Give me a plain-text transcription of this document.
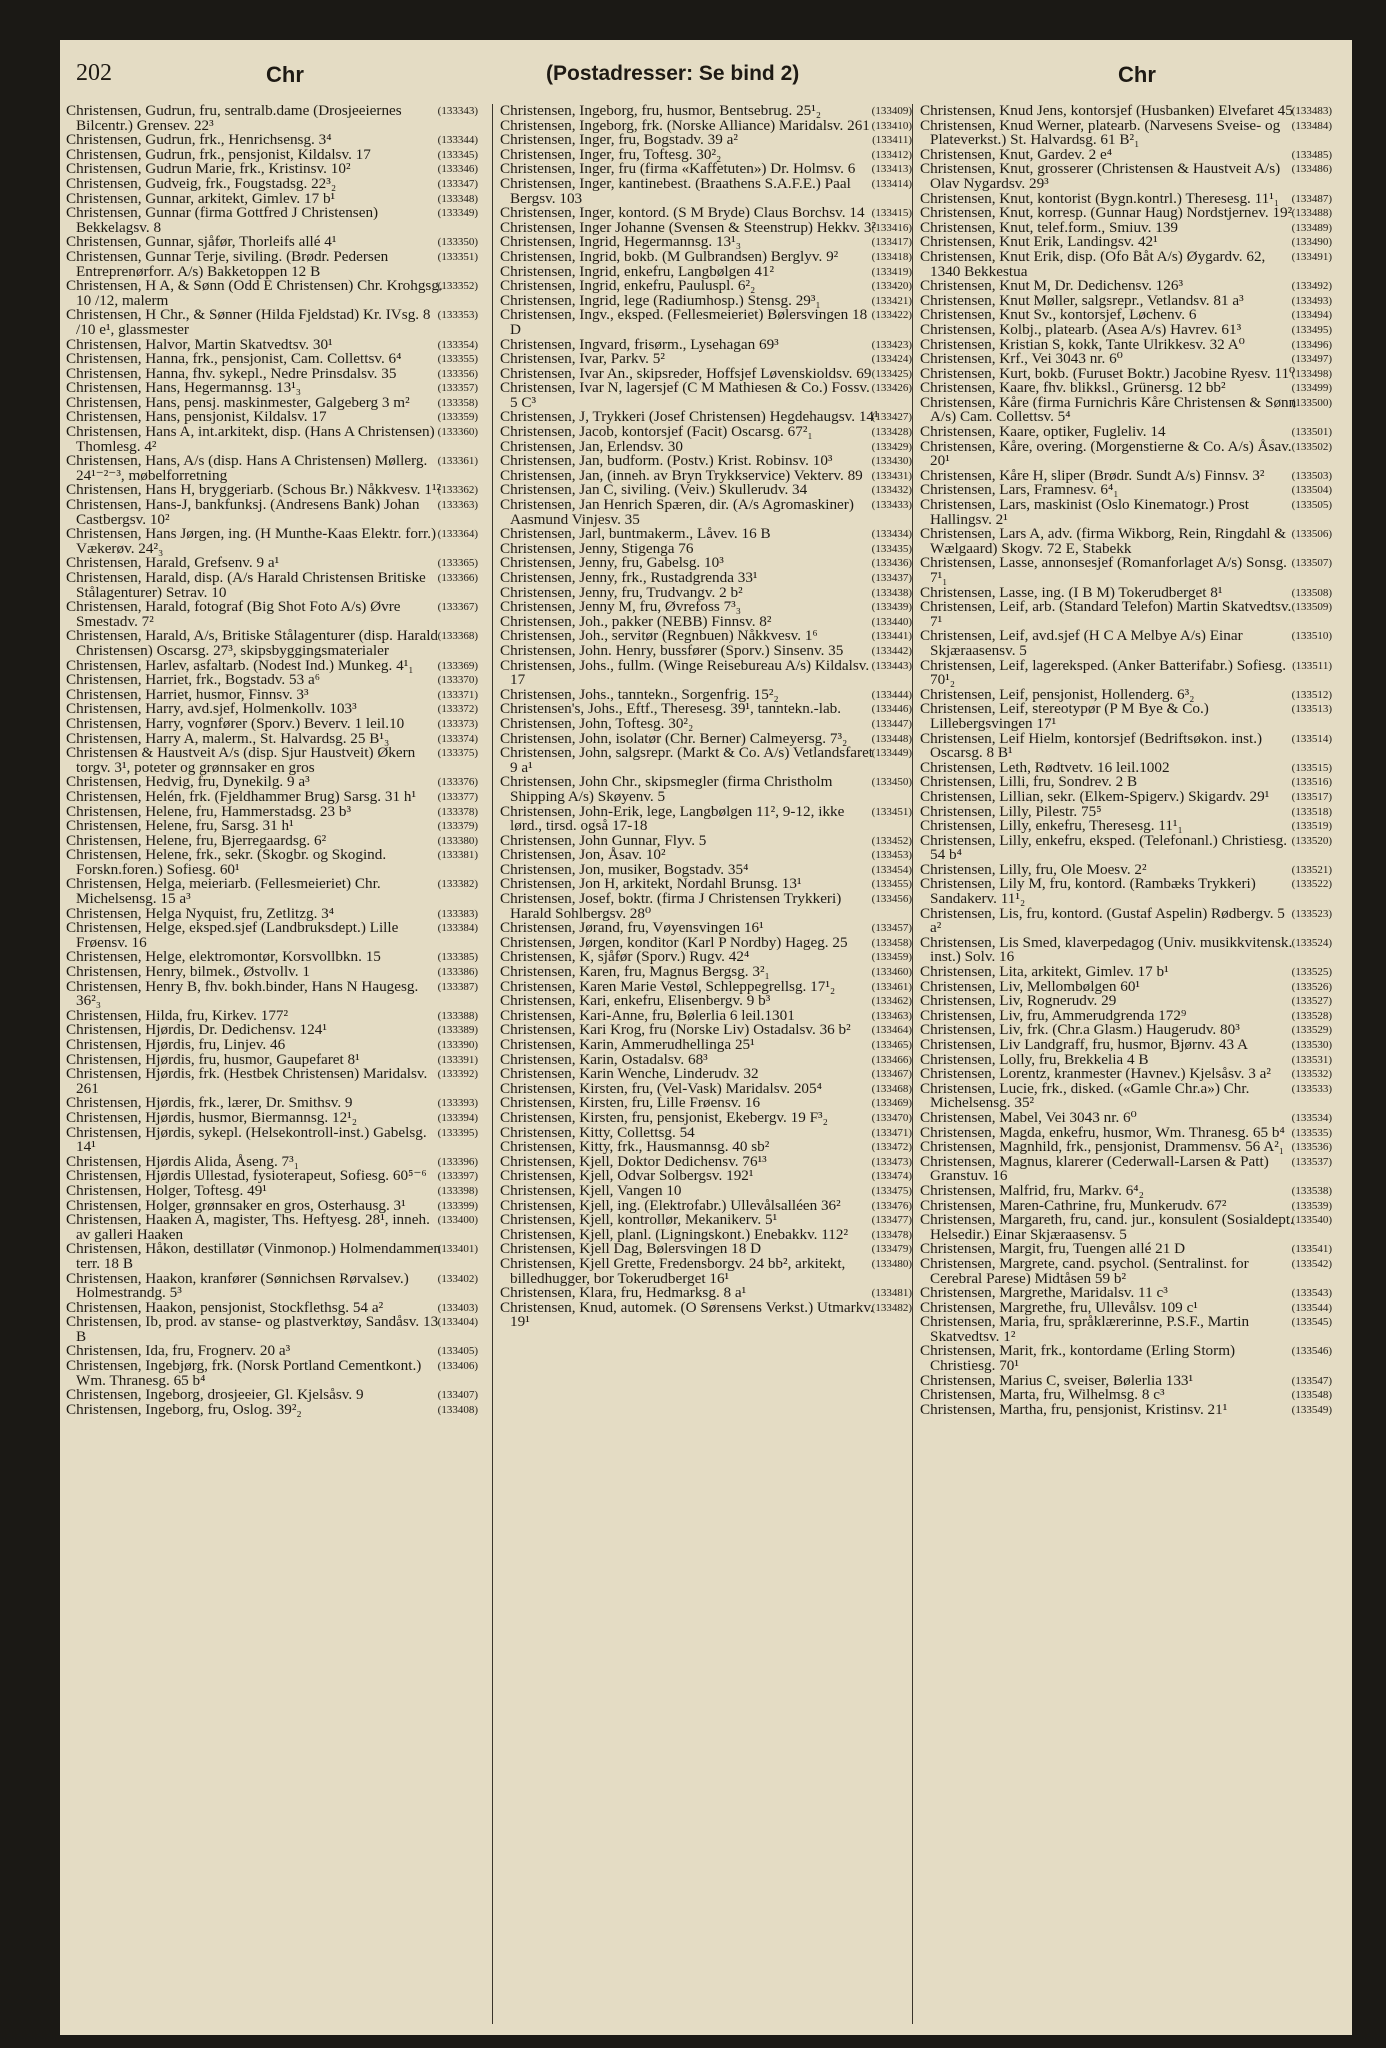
202	Chr	(Postadresser: Se bind 2)	Chr

(133343)
Christensen, Gudrun, fru, sentralb.dame (Drosjeeiernes Bilcentr.) Grensev. 22³

(133344)
Christensen, Gudrun, frk., Henrichsensg. 3⁴

(133345)
Christensen, Gudrun, frk., pensjonist, Kildalsv. 17

(133346)
Christensen, Gudrun Marie, frk., Kristinsv. 10²

(133347)
Christensen, Gudveig, frk., Fougstadsg. 22³₂

(133348)
Christensen, Gunnar, arkitekt, Gimlev. 17 b¹

(133349)
Christensen, Gunnar (firma Gottfred J Christensen) Bekkelagsv. 8

(133350)
Christensen, Gunnar, sjåfør, Thorleifs allé 4¹

(133351)
Christensen, Gunnar Terje, siviling. (Brødr. Pedersen Entreprenørforr. A/s) Bakketoppen 12 B

(133352)
Christensen, H A, & Sønn (Odd E Christensen) Chr. Krohgsg. 10 /12, malerm

(133353)
Christensen, H Chr., & Sønner (Hilda Fjeldstad) Kr. IVsg. 8 /10 e¹, glassmester

(133354)
Christensen, Halvor, Martin Skatvedtsv. 30¹

(133355)
Christensen, Hanna, frk., pensjonist, Cam. Collettsv. 6⁴

(133356)
Christensen, Hanna, fhv. sykepl., Nedre Prinsdalsv. 35

(133357)
Christensen, Hans, Hegermannsg. 13¹₃

(133358)
Christensen, Hans, pensj. maskinmester, Galgeberg 3 m²

(133359)
Christensen, Hans, pensjonist, Kildalsv. 17

(133360)
Christensen, Hans A, int.arkitekt, disp. (Hans A Christensen) Thomlesg. 4²

(133361)
Christensen, Hans, A/s (disp. Hans A Christensen) Møllerg. 24¹⁻²⁻³, møbelforretning

(133362)
Christensen, Hans H, bryggeriarb. (Schous Br.) Nåkkvesv. 1¹²

(133363)
Christensen, Hans-J, bankfunksj. (Andresens Bank) Johan Castbergsv. 10²

(133364)
Christensen, Hans Jørgen, ing. (H Munthe-Kaas Elektr. forr.) Vækerøv. 24²₃

(133365)
Christensen, Harald, Grefsenv. 9 a¹

(133366)
Christensen, Harald, disp. (A/s Harald Christensen Britiske Stålagenturer) Setrav. 10

(133367)
Christensen, Harald, fotograf (Big Shot Foto A/s) Øvre Smestadv. 7²

(133368)
Christensen, Harald, A/s, Britiske Stålagenturer (disp. Harald Christensen) Oscarsg. 27³, skipsbyggingsmaterialer

(133369)
Christensen, Harlev, asfaltarb. (Nodest Ind.) Munkeg. 4¹₁

(133370)
Christensen, Harriet, frk., Bogstadv. 53 a⁶

(133371)
Christensen, Harriet, husmor, Finnsv. 3³

(133372)
Christensen, Harry, avd.sjef, Holmenkollv. 103³

(133373)
Christensen, Harry, vognfører (Sporv.) Beverv. 1 leil.10

(133374)
Christensen, Harry A, malerm., St. Halvardsg. 25 B¹₃

(133375)
Christensen & Haustveit A/s (disp. Sjur Haustveit) Økern torgv. 3¹, poteter og grønnsaker en gros

(133376)
Christensen, Hedvig, fru, Dynekilg. 9 a³

(133377)
Christensen, Helén, frk. (Fjeldhammer Brug) Sarsg. 31 h¹

(133378)
Christensen, Helene, fru, Hammerstadsg. 23 b³

(133379)
Christensen, Helene, fru, Sarsg. 31 h¹

(133380)
Christensen, Helene, fru, Bjerregaardsg. 6²

(133381)
Christensen, Helene, frk., sekr. (Skogbr. og Skogind. Forskn.foren.) Sofiesg. 60¹

(133382)
Christensen, Helga, meieriarb. (Fellesmeieriet) Chr. Michelsensg. 15 a³

(133383)
Christensen, Helga Nyquist, fru, Zetlitzg. 3⁴

(133384)
Christensen, Helge, eksped.sjef (Landbruksdept.) Lille Frøensv. 16

(133385)
Christensen, Helge, elektromontør, Korsvollbkn. 15

(133386)
Christensen, Henry, bilmek., Østvollv. 1

(133387)
Christensen, Henry B, fhv. bokh.binder, Hans N Haugesg. 36²₃

(133388)
Christensen, Hilda, fru, Kirkev. 177²

(133389)
Christensen, Hjørdis, Dr. Dedichensv. 124¹

(133390)
Christensen, Hjørdis, fru, Linjev. 46

(133391)
Christensen, Hjørdis, fru, husmor, Gaupefaret 8¹

(133392)
Christensen, Hjørdis, frk. (Hestbek Christensen) Maridalsv. 261

(133393)
Christensen, Hjørdis, frk., lærer, Dr. Smithsv. 9

(133394)
Christensen, Hjørdis, husmor, Biermannsg. 12¹₂

(133395)
Christensen, Hjørdis, sykepl. (Helsekontroll-inst.) Gabelsg. 14¹

(133396)
Christensen, Hjørdis Alida, Åseng. 7³₁

(133397)
Christensen, Hjørdis Ullestad, fysioterapeut, Sofiesg. 60⁵⁻⁶

(133398)
Christensen, Holger, Toftesg. 49¹

(133399)
Christensen, Holger, grønnsaker en gros, Osterhausg. 3¹

(133400)
Christensen, Haaken A, magister, Ths. Heftyesg. 28¹, inneh. av galleri Haaken

(133401)
Christensen, Håkon, destillatør (Vinmonop.) Holmendammen terr. 18 B

(133402)
Christensen, Haakon, kranfører (Sønnichsen Rørvalsev.) Holmestrandg. 5³

(133403)
Christensen, Haakon, pensjonist, Stockflethsg. 54 a²

(133404)
Christensen, Ib, prod. av stanse- og plastverktøy, Sandåsv. 13 B

(133405)
Christensen, Ida, fru, Frognerv. 20 a³

(133406)
Christensen, Ingebjørg, frk. (Norsk Portland Cementkont.) Wm. Thranesg. 65 b⁴

(133407)
Christensen, Ingeborg, drosjeeier, Gl. Kjelsåsv. 9

(133408)
Christensen, Ingeborg, fru, Oslog. 39²₂

(133409)
Christensen, Ingeborg, fru, husmor, Bentsebrug. 25¹₂

(133410)
Christensen, Ingeborg, frk. (Norske Alliance) Maridalsv. 261

(133411)
Christensen, Inger, fru, Bogstadv. 39 a²

(133412)
Christensen, Inger, fru, Toftesg. 30²₂

(133413)
Christensen, Inger, fru (firma «Kaffetuten») Dr. Holmsv. 6

(133414)
Christensen, Inger, kantinebest. (Braathens S.A.F.E.) Paal Bergsv. 103

(133415)
Christensen, Inger, kontord. (S M Bryde) Claus Borchsv. 14

(133416)
Christensen, Inger Johanne (Svensen & Steenstrup) Hekkv. 3²

(133417)
Christensen, Ingrid, Hegermannsg. 13¹₃

(133418)
Christensen, Ingrid, bokb. (M Gulbrandsen) Berglyv. 9²

(133419)
Christensen, Ingrid, enkefru, Langbølgen 41²

(133420)
Christensen, Ingrid, enkefru, Pauluspl. 6²₂

(133421)
Christensen, Ingrid, lege (Radiumhosp.) Stensg. 29³₁

(133422)
Christensen, Ingv., eksped. (Fellesmeieriet) Bølersvingen 18 D

(133423)
Christensen, Ingvard, frisørm., Lysehagan 69³

(133424)
Christensen, Ivar, Parkv. 5²

(133425)
Christensen, Ivar An., skipsreder, Hoffsjef Løvenskioldsv. 69

(133426)
Christensen, Ivar N, lagersjef (C M Mathiesen & Co.) Fossv. 5 C³

(133427)
Christensen, J, Trykkeri (Josef Christensen) Hegdehaugsv. 14¹

(133428)
Christensen, Jacob, kontorsjef (Facit) Oscarsg. 67²₁

(133429)
Christensen, Jan, Erlendsv. 30

(133430)
Christensen, Jan, budform. (Postv.) Krist. Robinsv. 10³

(133431)
Christensen, Jan, (inneh. av Bryn Trykkservice) Vekterv. 89

(133432)
Christensen, Jan C, siviling. (Veiv.) Skullerudv. 34

(133433)
Christensen, Jan Henrich Spæren, dir. (A/s Agromaskiner) Aasmund Vinjesv. 35

(133434)
Christensen, Jarl, buntmakerm., Låvev. 16 B

(133435)
Christensen, Jenny, Stigenga 76

(133436)
Christensen, Jenny, fru, Gabelsg. 10³

(133437)
Christensen, Jenny, frk., Rustadgrenda 33¹

(133438)
Christensen, Jenny, fru, Trudvangv. 2 b²

(133439)
Christensen, Jenny M, fru, Øvrefoss 7³₃

(133440)
Christensen, Joh., pakker (NEBB) Finnsv. 8²

(133441)
Christensen, Joh., servitør (Regnbuen) Nåkkvesv. 1⁶

(133442)
Christensen, John. Henry, bussfører (Sporv.) Sinsenv. 35

(133443)
Christensen, Johs., fullm. (Winge Reisebureau A/s) Kildalsv. 17

(133444)
Christensen, Johs., tanntekn., Sorgenfrig. 15²₂

(133446)
Christensen's, Johs., Eftf., Theresesg. 39¹, tanntekn.-lab.

(133447)
Christensen, John, Toftesg. 30²₂

(133448)
Christensen, John, isolatør (Chr. Berner) Calmeyersg. 7³₂

(133449)
Christensen, John, salgsrepr. (Markt & Co. A/s) Vetlandsfaret 9 a¹

(133450)
Christensen, John Chr., skipsmegler (firma Christholm Shipping A/s) Skøyenv. 5

(133451)
Christensen, John-Erik, lege, Langbølgen 11², 9-12, ikke lørd., tirsd. også 17-18

(133452)
Christensen, John Gunnar, Flyv. 5

(133453)
Christensen, Jon, Åsav. 10²

(133454)
Christensen, Jon, musiker, Bogstadv. 35⁴

(133455)
Christensen, Jon H, arkitekt, Nordahl Brunsg. 13¹

(133456)
Christensen, Josef, boktr. (firma J Christensen Trykkeri) Harald Sohlbergsv. 28⁰

(133457)
Christensen, Jørand, fru, Vøyensvingen 16¹

(133458)
Christensen, Jørgen, konditor (Karl P Nordby) Hageg. 25

(133459)
Christensen, K, sjåfør (Sporv.) Rugv. 42⁴

(133460)
Christensen, Karen, fru, Magnus Bergsg. 3²₁

(133461)
Christensen, Karen Marie Vestøl, Schleppegrellsg. 17¹₂

(133462)
Christensen, Kari, enkefru, Elisenbergv. 9 b³

(133463)
Christensen, Kari-Anne, fru, Bølerlia 6 leil.1301

(133464)
Christensen, Kari Krog, fru (Norske Liv) Ostadalsv. 36 b²

(133465)
Christensen, Karin, Ammerudhellinga 25¹

(133466)
Christensen, Karin, Ostadalsv. 68³

(133467)
Christensen, Karin Wenche, Linderudv. 32

(133468)
Christensen, Kirsten, fru, (Vel-Vask) Maridalsv. 205⁴

(133469)
Christensen, Kirsten, fru, Lille Frøensv. 16

(133470)
Christensen, Kirsten, fru, pensjonist, Ekebergv. 19 F³₂

(133471)
Christensen, Kitty, Collettsg. 54

(133472)
Christensen, Kitty, frk., Hausmannsg. 40 sb²

(133473)
Christensen, Kjell, Doktor Dedichensv. 76¹³

(133474)
Christensen, Kjell, Odvar Solbergsv. 192¹

(133475)
Christensen, Kjell, Vangen 10

(133476)
Christensen, Kjell, ing. (Elektrofabr.) Ullevålsalléen 36²

(133477)
Christensen, Kjell, kontrollør, Mekanikerv. 5¹

(133478)
Christensen, Kjell, planl. (Ligningskont.) Enebakkv. 112²

(133479)
Christensen, Kjell Dag, Bølersvingen 18 D

(133480)
Christensen, Kjell Grette, Fredensborgv. 24 bb², arkitekt, billedhugger, bor Tokerudberget 16¹

(133481)
Christensen, Klara, fru, Hedmarksg. 8 a¹

(133482)
Christensen, Knud, automek. (O Sørensens Verkst.) Utmarkv. 19¹

(133483)
Christensen, Knud Jens, kontorsjef (Husbanken) Elvefaret 45

(133484)
Christensen, Knud Werner, platearb. (Narvesens Sveise- og Plateverkst.) St. Halvardsg. 61 B²₁

(133485)
Christensen, Knut, Gardev. 2 e⁴

(133486)
Christensen, Knut, grosserer (Christensen & Haustveit A/s) Olav Nygardsv. 29³

(133487)
Christensen, Knut, kontorist (Bygn.kontrl.) Theresesg. 11¹₁

(133488)
Christensen, Knut, korresp. (Gunnar Haug) Nordstjernev. 19²

(133489)
Christensen, Knut, telef.form., Smiuv. 139

(133490)
Christensen, Knut Erik, Landingsv. 42¹

(133491)
Christensen, Knut Erik, disp. (Ofo Båt A/s) Øygardv. 62, 1340 Bekkestua

(133492)
Christensen, Knut M, Dr. Dedichensv. 126³

(133493)
Christensen, Knut Møller, salgsrepr., Vetlandsv. 81 a³

(133494)
Christensen, Knut Sv., kontorsjef, Løchenv. 6

(133495)
Christensen, Kolbj., platearb. (Asea A/s) Havrev. 61³

(133496)
Christensen, Kristian S, kokk, Tante Ulrikkesv. 32 A⁰

(133497)
Christensen, Krf., Vei 3043 nr. 6⁰

(133498)
Christensen, Kurt, bokb. (Furuset Boktr.) Jacobine Ryesv. 11⁰

(133499)
Christensen, Kaare, fhv. blikksl., Grünersg. 12 bb²

(133500)
Christensen, Kåre (firma Furnichris Kåre Christensen & Sønn A/s) Cam. Collettsv. 5⁴

(133501)
Christensen, Kaare, optiker, Fugleliv. 14

(133502)
Christensen, Kåre, overing. (Morgenstierne & Co. A/s) Åsav. 20¹

(133503)
Christensen, Kåre H, sliper (Brødr. Sundt A/s) Finnsv. 3²

(133504)
Christensen, Lars, Framnesv. 6⁴₁

(133505)
Christensen, Lars, maskinist (Oslo Kinematogr.) Prost Hallingsv. 2¹

(133506)
Christensen, Lars A, adv. (firma Wikborg, Rein, Ringdahl & Wælgaard) Skogv. 72 E, Stabekk

(133507)
Christensen, Lasse, annonsesjef (Romanforlaget A/s) Sonsg. 7¹₁

(133508)
Christensen, Lasse, ing. (I B M) Tokerudberget 8¹

(133509)
Christensen, Leif, arb. (Standard Telefon) Martin Skatvedtsv. 7¹

(133510)
Christensen, Leif, avd.sjef (H C A Melbye A/s) Einar Skjæraasensv. 5

(133511)
Christensen, Leif, lagereksped. (Anker Batterifabr.) Sofiesg. 70¹₂

(133512)
Christensen, Leif, pensjonist, Hollenderg. 6³₂

(133513)
Christensen, Leif, stereotypør (P M Bye & Co.) Lillebergsvingen 17¹

(133514)
Christensen, Leif Hielm, kontorsjef (Bedriftsøkon. inst.) Oscarsg. 8 B¹

(133515)
Christensen, Leth, Rødtvetv. 16 leil.1002

(133516)
Christensen, Lilli, fru, Sondrev. 2 B

(133517)
Christensen, Lillian, sekr. (Elkem-Spigerv.) Skigardv. 29¹

(133518)
Christensen, Lilly, Pilestr. 75⁵

(133519)
Christensen, Lilly, enkefru, Theresesg. 11¹₁

(133520)
Christensen, Lilly, enkefru, eksped. (Telefonanl.) Christiesg. 54 b⁴

(133521)
Christensen, Lilly, fru, Ole Moesv. 2²

(133522)
Christensen, Lily M, fru, kontord. (Rambæks Trykkeri) Sandakerv. 11¹₂

(133523)
Christensen, Lis, fru, kontord. (Gustaf Aspelin) Rødbergv. 5 a²

(133524)
Christensen, Lis Smed, klaverpedagog (Univ. musikkvitensk. inst.) Solv. 16

(133525)
Christensen, Lita, arkitekt, Gimlev. 17 b¹

(133526)
Christensen, Liv, Mellombølgen 60¹

(133527)
Christensen, Liv, Rognerudv. 29

(133528)
Christensen, Liv, fru, Ammerudgrenda 172⁹

(133529)
Christensen, Liv, frk. (Chr.a Glasm.) Haugerudv. 80³

(133530)
Christensen, Liv Landgraff, fru, husmor, Bjørnv. 43 A

(133531)
Christensen, Lolly, fru, Brekkelia 4 B

(133532)
Christensen, Lorentz, kranmester (Havnev.) Kjelsåsv. 3 a²

(133533)
Christensen, Lucie, frk., disked. («Gamle Chr.a») Chr. Michelsensg. 35²

(133534)
Christensen, Mabel, Vei 3043 nr. 6⁰

(133535)
Christensen, Magda, enkefru, husmor, Wm. Thranesg. 65 b⁴

(133536)
Christensen, Magnhild, frk., pensjonist, Drammensv. 56 A²₁

(133537)
Christensen, Magnus, klarerer (Cederwall-Larsen & Patt) Granstuv. 16

(133538)
Christensen, Malfrid, fru, Markv. 6⁴₂

(133539)
Christensen, Maren-Cathrine, fru, Munkerudv. 67²

(133540)
Christensen, Margareth, fru, cand. jur., konsulent (Sosialdept. Helsedir.) Einar Skjæraasensv. 5

(133541)
Christensen, Margit, fru, Tuengen allé 21 D

(133542)
Christensen, Margrete, cand. psychol. (Sentralinst. for Cerebral Parese) Midtåsen 59 b²

(133543)
Christensen, Margrethe, Maridalsv. 11 c³

(133544)
Christensen, Margrethe, fru, Ullevålsv. 109 c¹

(133545)
Christensen, Maria, fru, språklærerinne, P.S.F., Martin Skatvedtsv. 1²

(133546)
Christensen, Marit, frk., kontordame (Erling Storm) Christiesg. 70¹

(133547)
Christensen, Marius C, sveiser, Bølerlia 133¹

(133548)
Christensen, Marta, fru, Wilhelmsg. 8 c³

(133549)
Christensen, Martha, fru, pensjonist, Kristinsv. 21¹
